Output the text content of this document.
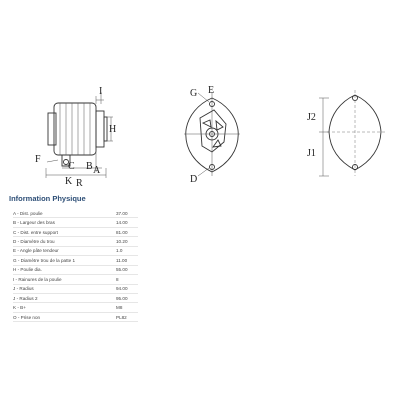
I
H
C B A
F
K R
G E
D
J2
J1
Information Physique
A - Dist. poulie	37.00
B - Largeur des bras	14.00
C - Dist. entre support	81.00
D - Diamètre du trou	10.20
E - Angle pâte tendeur	1.0
G - Diamètre trou de la patte 1	11.00
H - Poulie dia.	55.00
I - Rainures de la poulie	8
J - Radius	94.00
J - Radius 2	95.00
K - B+	M8
O - Prise non	PL82
